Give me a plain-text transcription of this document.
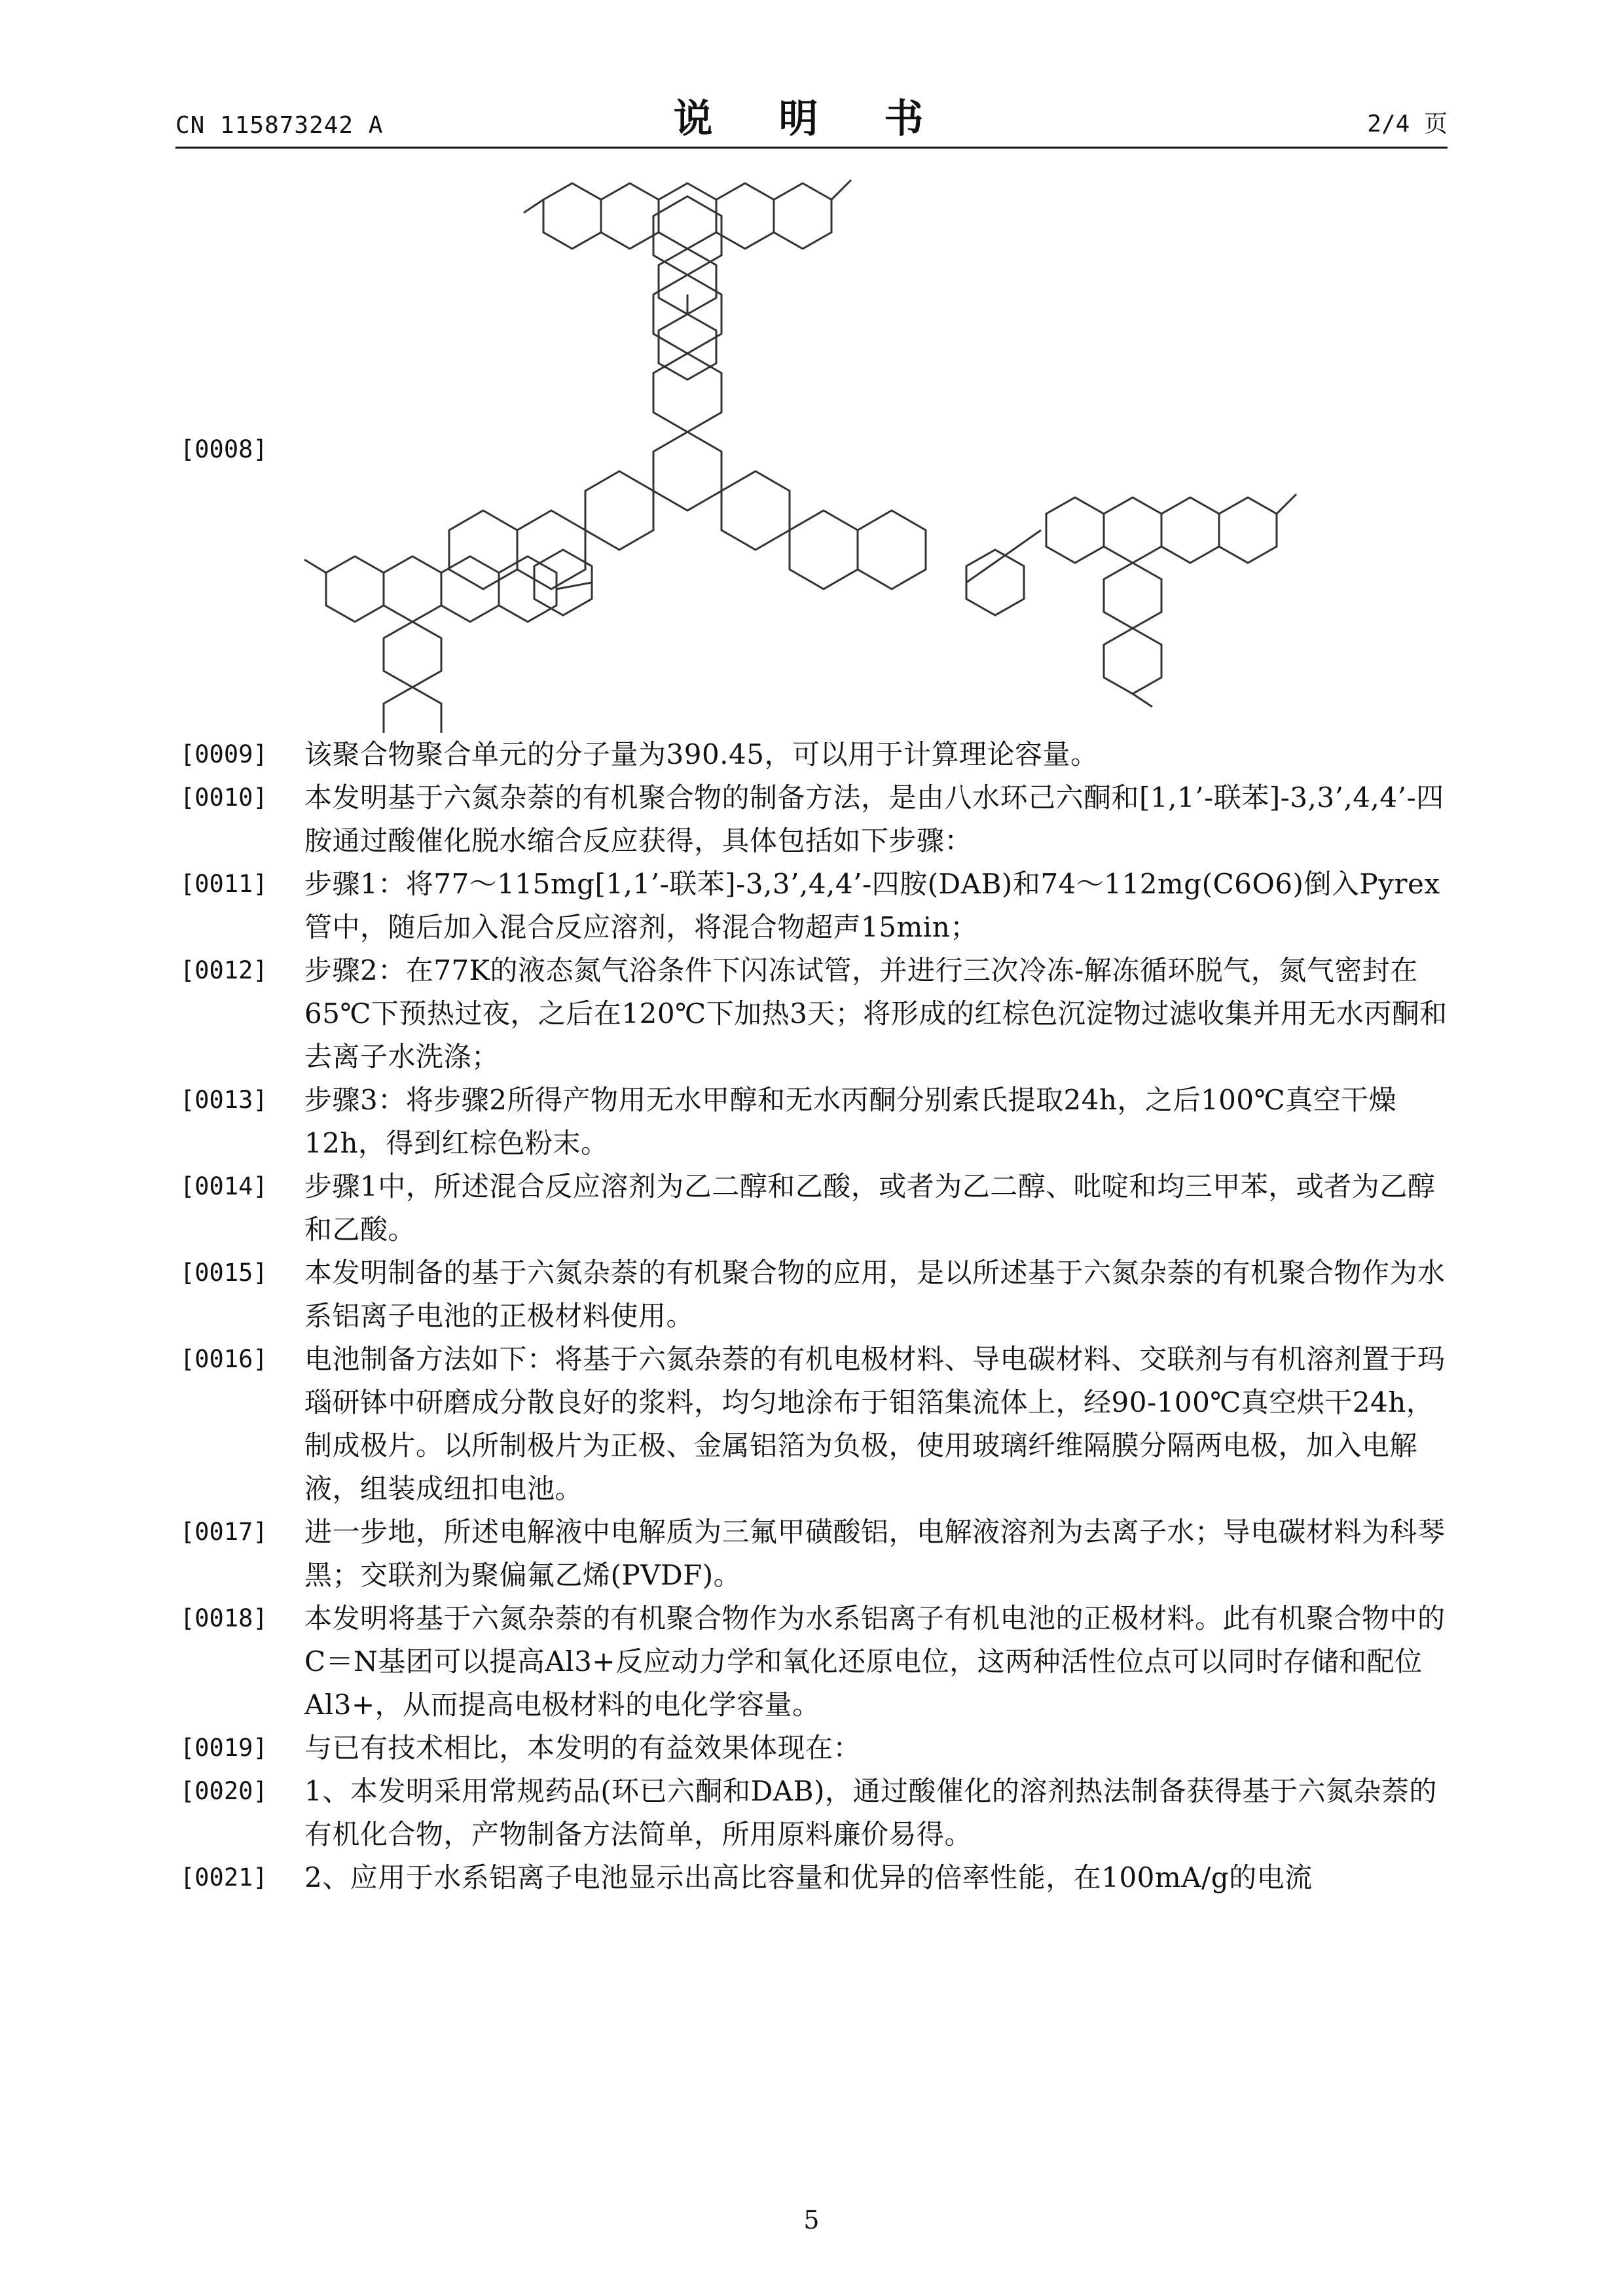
CN 115873242 A	说 明 书	2/4 页
[0008]
[0009]	该聚合物聚合单元的分子量为390.45，可以用于计算理论容量。
[0010]	本发明基于六氮杂萘的有机聚合物的制备方法，是由八水环己六酮和[1,1’-联苯]-3,3’,4,4’-四胺通过酸催化脱水缩合反应获得，具体包括如下步骤：
[0011]	步骤1：将77～115mg[1,1’-联苯]-3,3’,4,4’-四胺(DAB)和74～112mg(C6O6)倒入Pyrex管中，随后加入混合反应溶剂，将混合物超声15min；
[0012]	步骤2：在77K的液态氮气浴条件下闪冻试管，并进行三次冷冻-解冻循环脱气，氮气密封在65℃下预热过夜，之后在120℃下加热3天；将形成的红棕色沉淀物过滤收集并用无水丙酮和去离子水洗涤；
[0013]	步骤3：将步骤2所得产物用无水甲醇和无水丙酮分别索氏提取24h，之后100℃真空干燥12h，得到红棕色粉末。
[0014]	步骤1中，所述混合反应溶剂为乙二醇和乙酸，或者为乙二醇、吡啶和均三甲苯，或者为乙醇和乙酸。
[0015]	本发明制备的基于六氮杂萘的有机聚合物的应用，是以所述基于六氮杂萘的有机聚合物作为水系铝离子电池的正极材料使用。
[0016]	电池制备方法如下：将基于六氮杂萘的有机电极材料、导电碳材料、交联剂与有机溶剂置于玛瑙研钵中研磨成分散良好的浆料，均匀地涂布于钼箔集流体上，经90-100℃真空烘干24h，制成极片。以所制极片为正极、金属铝箔为负极，使用玻璃纤维隔膜分隔两电极，加入电解液，组装成纽扣电池。
[0017]	进一步地，所述电解液中电解质为三氟甲磺酸铝，电解液溶剂为去离子水；导电碳材料为科琴黑；交联剂为聚偏氟乙烯(PVDF)。
[0018]	本发明将基于六氮杂萘的有机聚合物作为水系铝离子有机电池的正极材料。此有机聚合物中的C＝N基团可以提高Al3+反应动力学和氧化还原电位，这两种活性位点可以同时存储和配位Al3+，从而提高电极材料的电化学容量。
[0019]	与已有技术相比，本发明的有益效果体现在：
[0020]	1、本发明采用常规药品(环已六酮和DAB)，通过酸催化的溶剂热法制备获得基于六氮杂萘的有机化合物，产物制备方法简单，所用原料廉价易得。
[0021]	2、应用于水系铝离子电池显示出高比容量和优异的倍率性能，在100mA/g的电流
5
